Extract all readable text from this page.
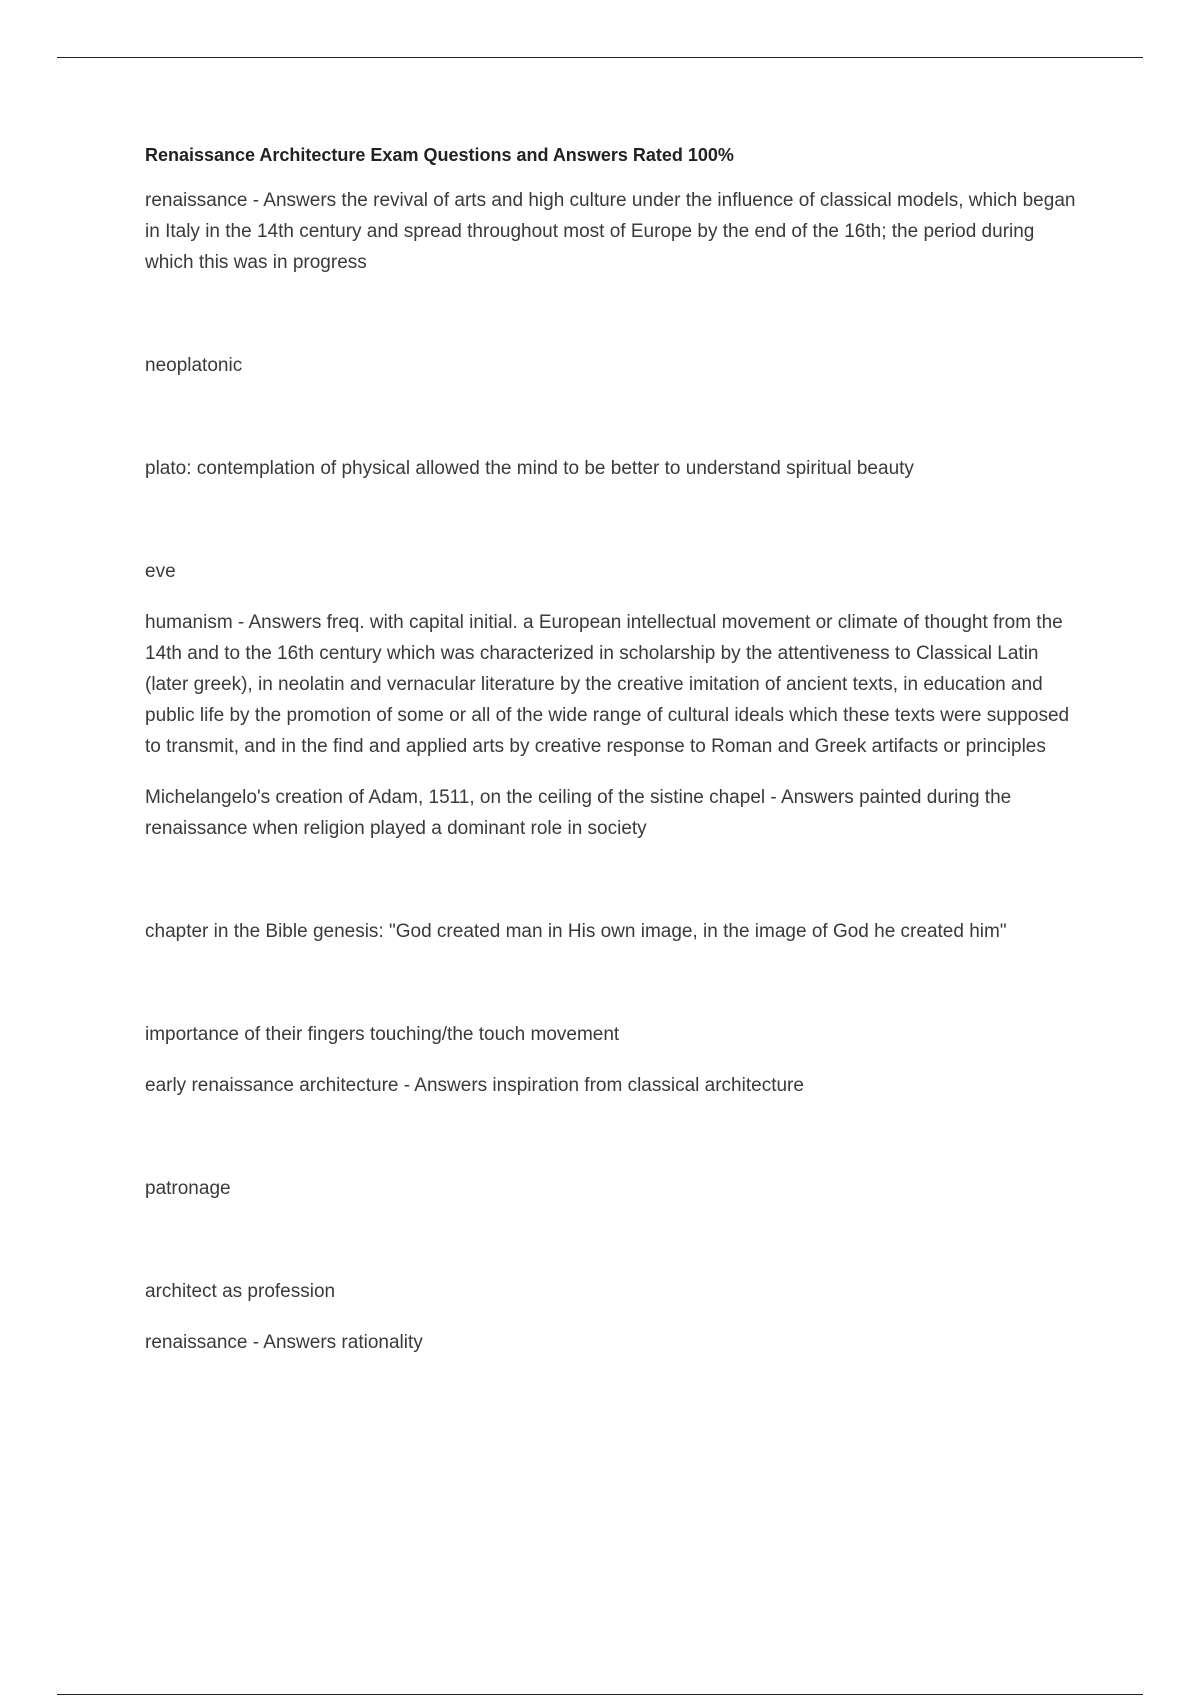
Renaissance Architecture Exam Questions and Answers Rated 100%

renaissance - Answers the revival of arts and high culture under the influence of classical models, which began in Italy in the 14th century and spread throughout most of Europe by the end of the 16th; the period during which this was in progress

neoplatonic

plato: contemplation of physical allowed the mind to be better to understand spiritual beauty

eve

humanism - Answers freq. with capital initial. a European intellectual movement or climate of thought from the 14th and to the 16th century which was characterized in scholarship by the attentiveness to Classical Latin (later greek), in neolatin and vernacular literature by the creative imitation of ancient texts, in education and public life by the promotion of some or all of the wide range of cultural ideals which these texts were supposed to transmit, and in the find and applied arts by creative response to Roman and Greek artifacts or principles

Michelangelo's creation of Adam, 1511, on the ceiling of the sistine chapel - Answers painted during the renaissance when religion played a dominant role in society

chapter in the Bible genesis: "God created man in His own image, in the image of God he created him"

importance of their fingers touching/the touch movement

early renaissance architecture - Answers inspiration from classical architecture

patronage

architect as profession

renaissance - Answers rationality
